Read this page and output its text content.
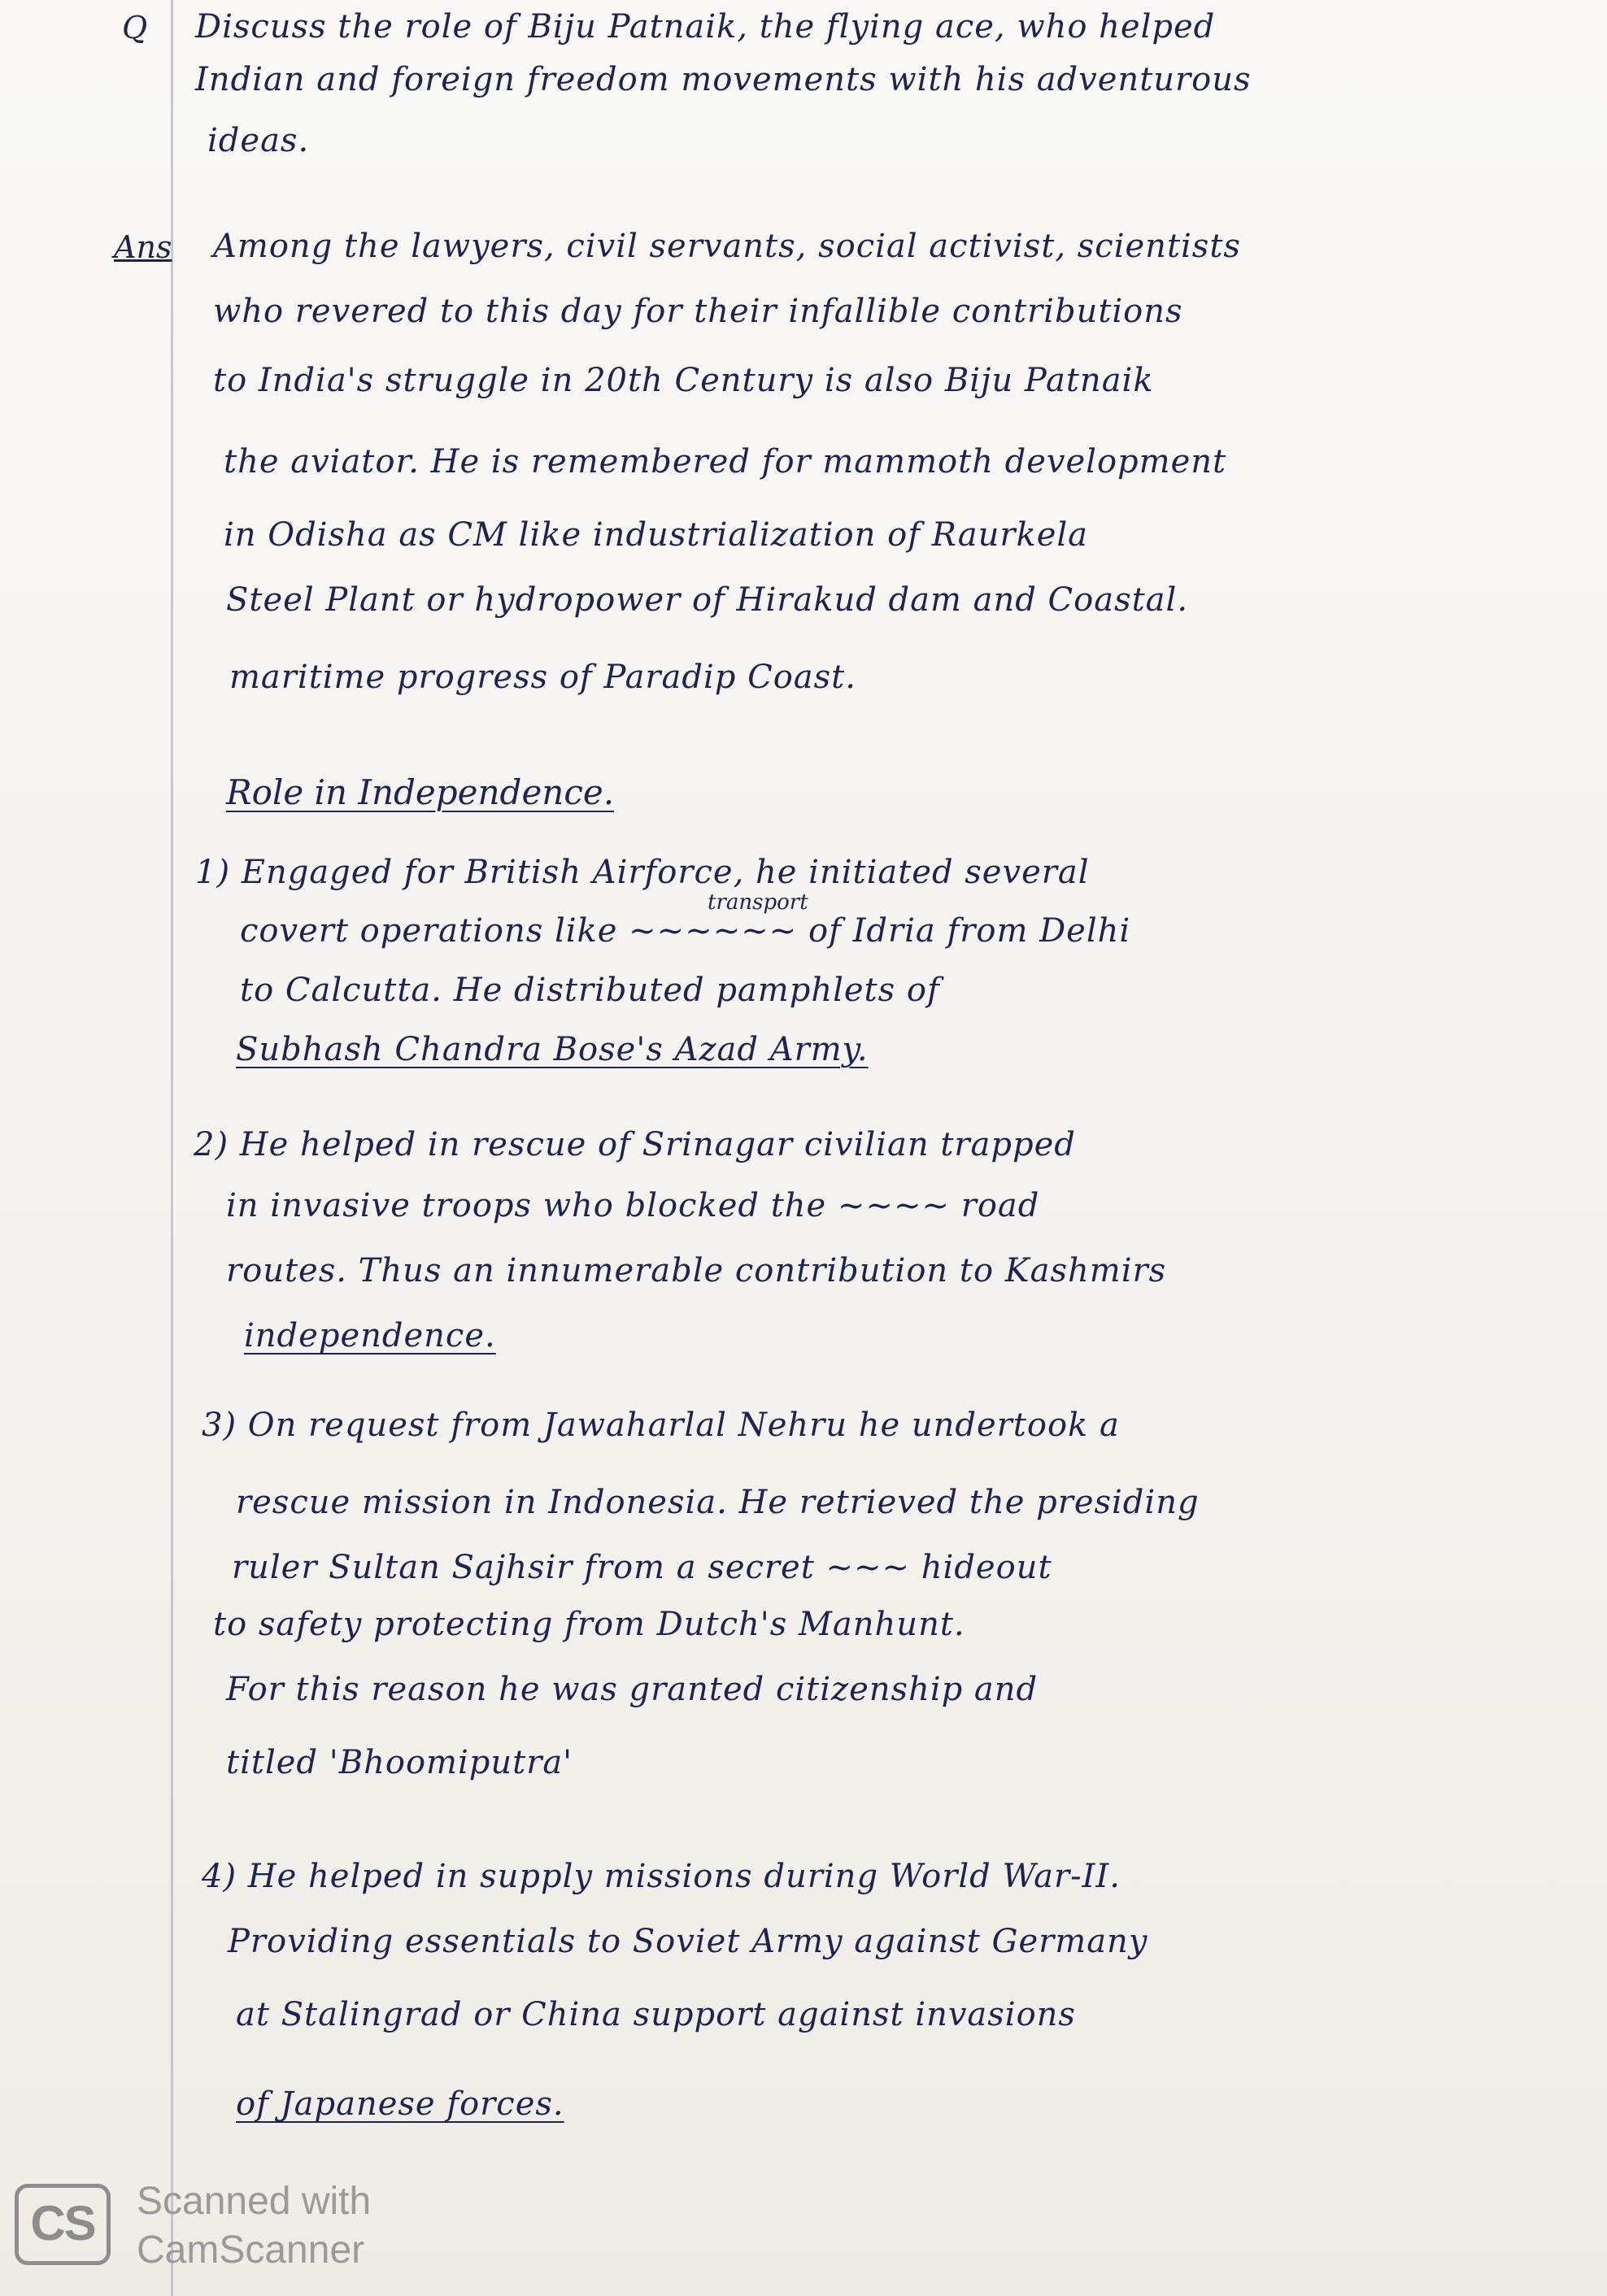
Q Discuss the role of Biju Patnaik, the flying ace, who helped
Indian and foreign freedom movements with his adventurous
ideas.
Ans Among the lawyers, civil servants, social activist, scientists
who revered to this day for their infallible contributions
to India's struggle in 20th Century is also Biju Patnaik
the aviator. He is remembered for mammoth development
in Odisha as CM like industrialization of Raurkela
Steel Plant or hydropower of Hirakud dam and Coastal.
maritime progress of Paradip Coast.
Role in Independence.
1) Engaged for British Airforce, he initiated several
transport
covert operations like ~~~~~~ of Idria from Delhi
to Calcutta. He distributed pamphlets of
Subhash Chandra Bose's Azad Army.
2) He helped in rescue of Srinagar civilian trapped
in invasive troops who blocked the ~~~~ road
routes. Thus an innumerable contribution to Kashmirs
independence.
3) On request from Jawaharlal Nehru he undertook a
rescue mission in Indonesia. He retrieved the presiding
ruler Sultan Sajhsir from a secret ~~~ hideout
to safety protecting from Dutch's Manhunt.
For this reason he was granted citizenship and
titled 'Bhoomiputra'
4) He helped in supply missions during World War-II.
Providing essentials to Soviet Army against Germany
at Stalingrad or China support against invasions
of Japanese forces.
CS	Scanned with
CamScanner
